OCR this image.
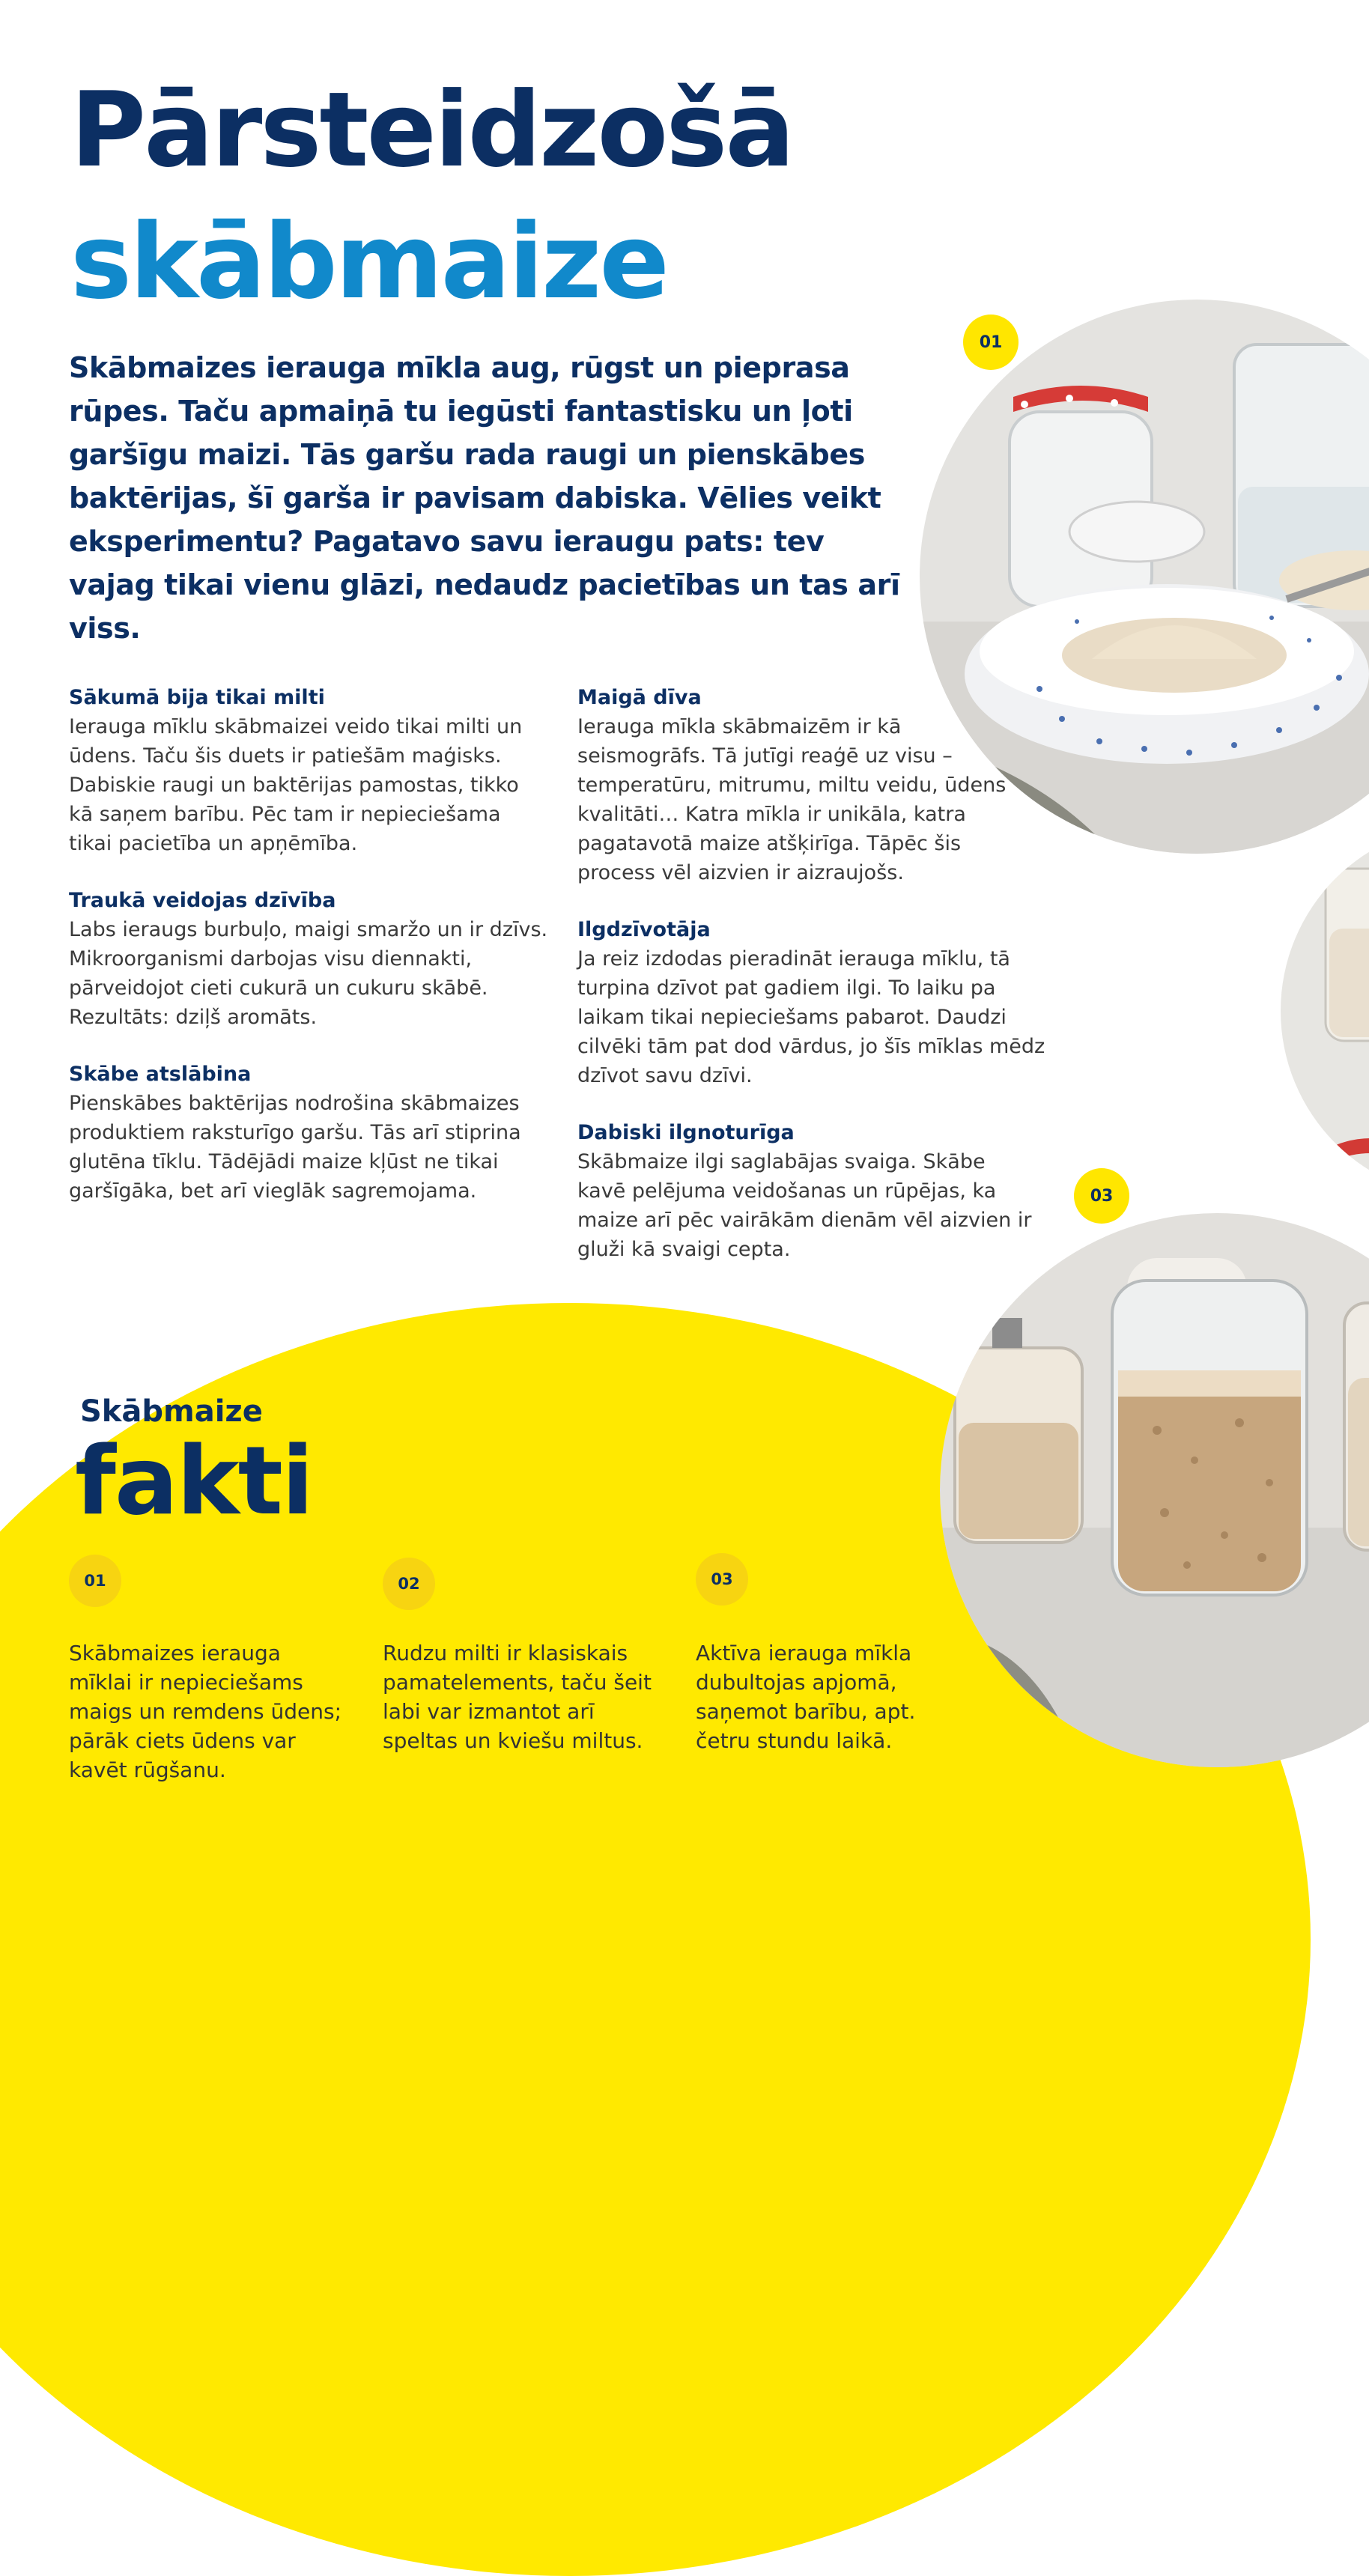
Pārsteidzošā
skābmaize

Skābmaizes ierauga mīkla aug, rūgst un pieprasa rūpes. Taču apmaiņā tu iegūsti fantastisku un ļoti garšīgu maizi. Tās garšu rada raugi un pienskābes baktērijas, šī garša ir pavisam dabiska. Vēlies veikt eksperimentu? Pagatavo savu ieraugu pats: tev vajag tikai vienu glāzi, nedaudz pacietības un tas arī viss.

Sākumā bija tikai milti

Ierauga mīklu skābmaizei veido tikai milti un ūdens. Taču šis duets ir patiešām maģisks. Dabiskie raugi un baktērijas pamostas, tikko kā saņem barību. Pēc tam ir nepieciešama tikai pacietība un apņēmība.

Traukā veidojas dzīvība

Labs ieraugs burbuļo, maigi smaržo un ir dzīvs. Mikroorganismi darbojas visu diennakti, pārveidojot cieti cukurā un cukuru skābē. Rezultāts: dziļš aromāts.

Skābe atslābina

Pienskābes baktērijas nodrošina skābmaizes produktiem raksturīgo garšu. Tās arī stiprina glutēna tīklu. Tādējādi maize kļūst ne tikai garšīgāka, bet arī vieglāk sagremojama.

Maigā dīva

Ierauga mīkla skābmaizēm ir kā seismogrāfs. Tā jutīgi reaģē uz visu – temperatūru, mitrumu, miltu veidu, ūdens kvalitāti… Katra mīkla ir unikāla, katra pagatavotā maize atšķirīga. Tāpēc šis process vēl aizvien ir aizraujošs.

Ilgdzīvotāja

Ja reiz izdodas pieradināt ierauga mīklu, tā turpina dzīvot pat gadiem ilgi. To laiku pa laikam tikai nepieciešams pabarot. Daudzi cilvēki tām pat dod vārdus, jo šīs mīklas mēdz dzīvot savu dzīvi.

Dabiski ilgnoturīga

Skābmaize ilgi saglabājas svaiga. Skābe kavē pelējuma veidošanas un rūpējas, ka maize arī pēc vairākām dienām vēl aizvien ir gluži kā svaigi cepta.

01
03
Skābmaize
fakti
01

Skābmaizes ierauga mīklai ir nepieciešams maigs un remdens ūdens; pārāk ciets ūdens var kavēt rūgšanu.

02

Rudzu milti ir klasiskais pamatelements, taču šeit labi var izmantot arī speltas un kviešu miltus.

03

Aktīva ierauga mīkla dubultojas apjomā, saņemot barību, apt. četru stundu laikā.
